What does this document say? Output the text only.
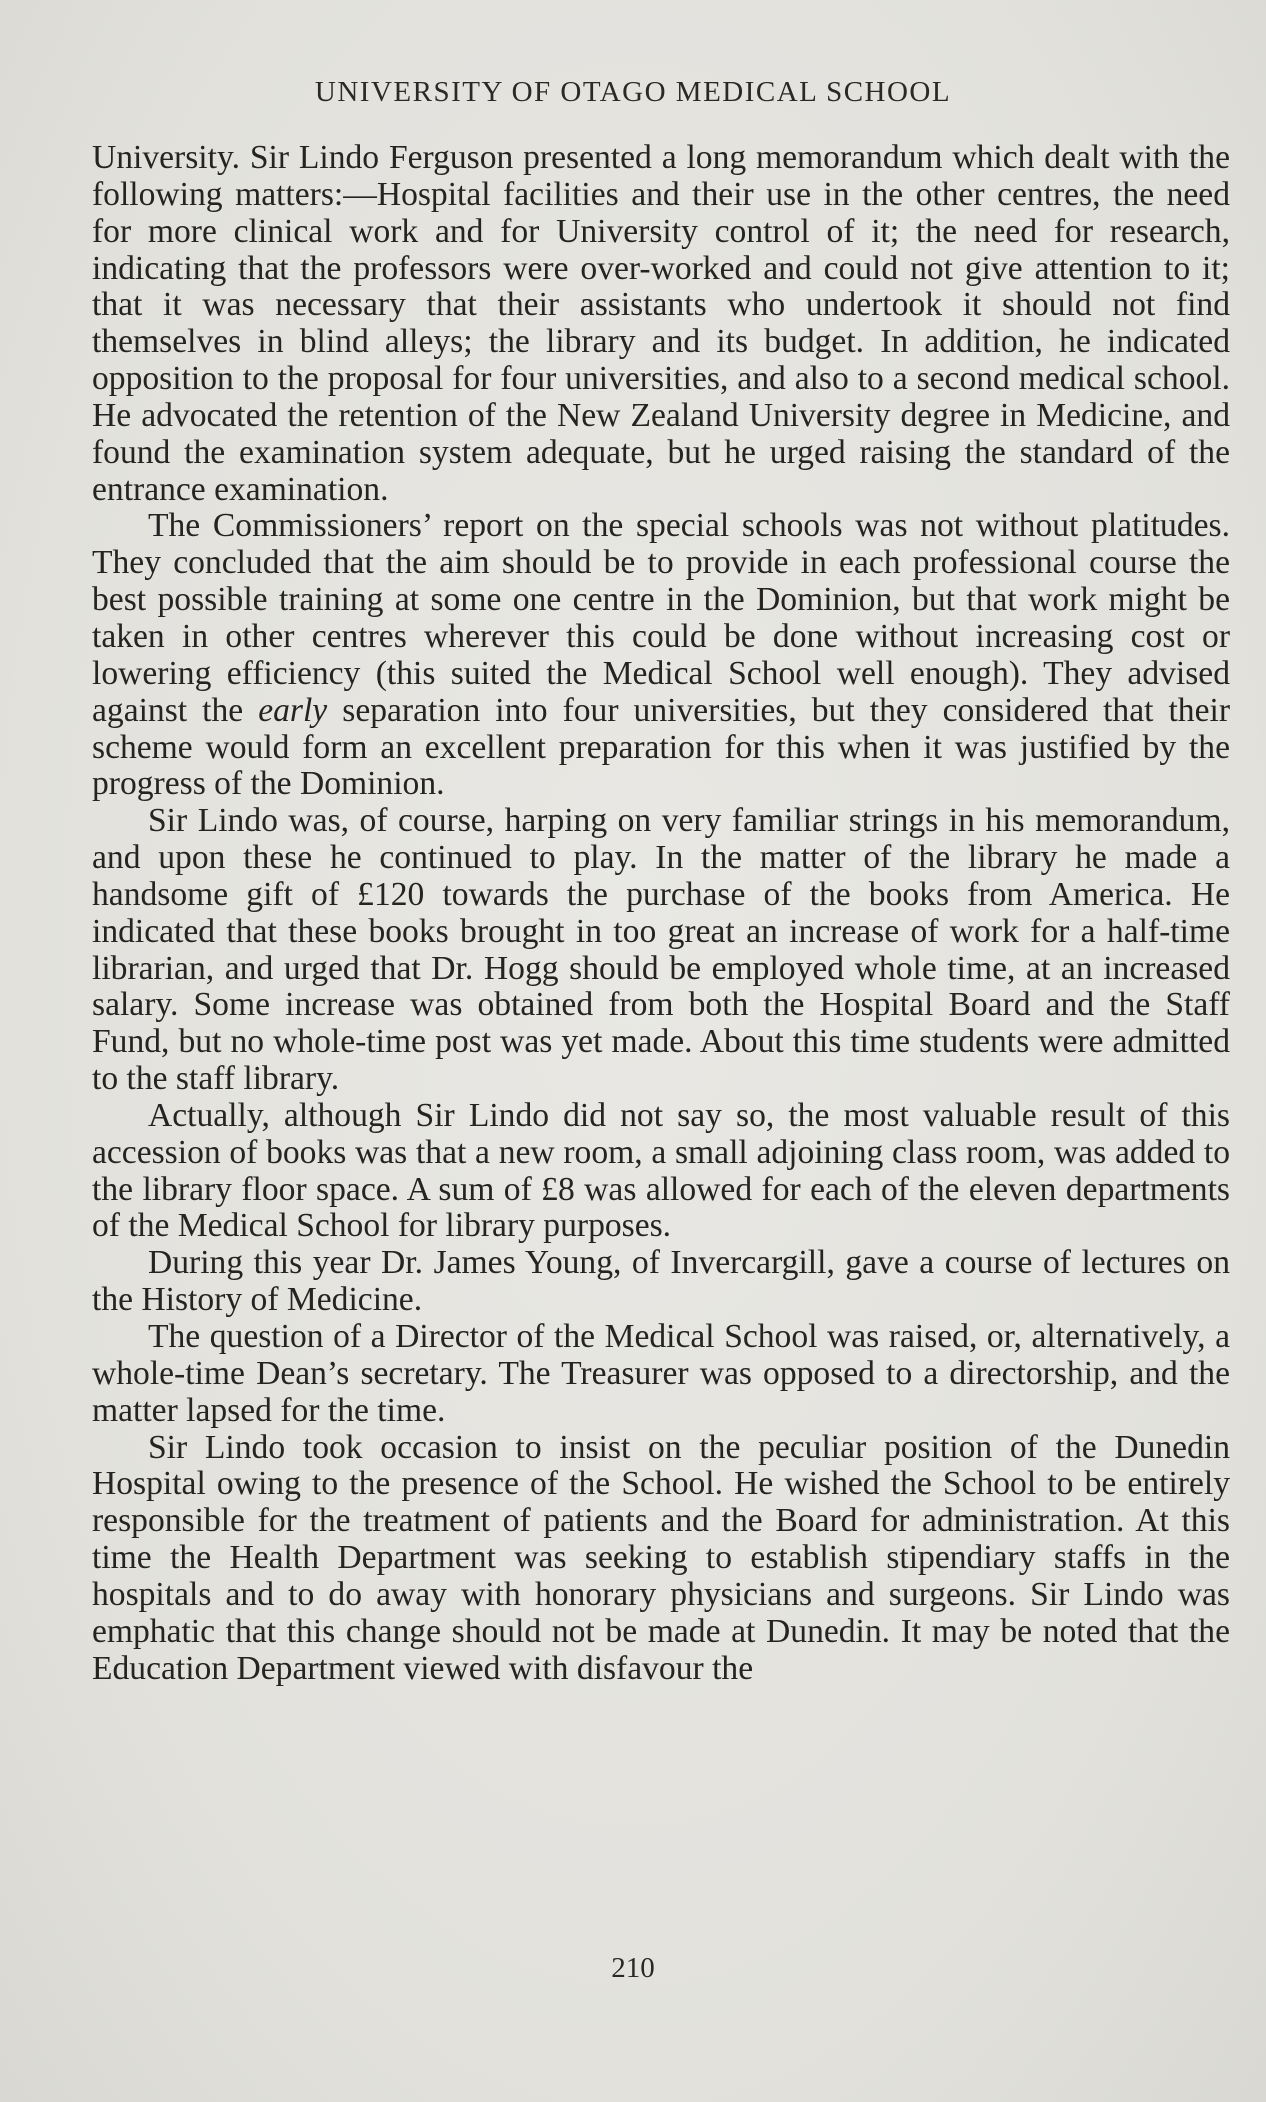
UNIVERSITY OF OTAGO MEDICAL SCHOOL

University. Sir Lindo Ferguson presented a long memorandum which dealt with the following matters:—Hospital facilities and their use in the other centres, the need for more clinical work and for University control of it; the need for research, indicating that the professors were over-worked and could not give attention to it; that it was necessary that their assistants who undertook it should not find themselves in blind alleys; the library and its budget. In addition, he indicated opposition to the proposal for four universities, and also to a second medical school. He advocated the retention of the New Zealand University degree in Medicine, and found the examination system adequate, but he urged raising the standard of the entrance examination.

The Commissioners’ report on the special schools was not without platitudes. They concluded that the aim should be to provide in each professional course the best possible training at some one centre in the Dominion, but that work might be taken in other centres wherever this could be done without increasing cost or lowering efficiency (this suited the Medical School well enough). They advised against the early separation into four universities, but they considered that their scheme would form an excellent preparation for this when it was justified by the progress of the Dominion.

Sir Lindo was, of course, harping on very familiar strings in his memorandum, and upon these he continued to play. In the matter of the library he made a handsome gift of £120 towards the purchase of the books from America. He indicated that these books brought in too great an increase of work for a half-time librarian, and urged that Dr. Hogg should be employed whole time, at an increased salary. Some increase was obtained from both the Hospital Board and the Staff Fund, but no whole-time post was yet made. About this time students were admitted to the staff library.

Actually, although Sir Lindo did not say so, the most valuable result of this accession of books was that a new room, a small adjoining class room, was added to the library floor space. A sum of £8 was allowed for each of the eleven departments of the Medical School for library purposes.

During this year Dr. James Young, of Invercargill, gave a course of lectures on the History of Medicine.

The question of a Director of the Medical School was raised, or, alternatively, a whole-time Dean’s secretary. The Treasurer was opposed to a directorship, and the matter lapsed for the time.

Sir Lindo took occasion to insist on the peculiar position of the Dunedin Hospital owing to the presence of the School. He wished the School to be entirely responsible for the treatment of patients and the Board for administration. At this time the Health Department was seeking to establish stipendiary staffs in the hospitals and to do away with honorary physicians and surgeons. Sir Lindo was emphatic that this change should not be made at Dunedin. It may be noted that the Education Department viewed with disfavour the

210
